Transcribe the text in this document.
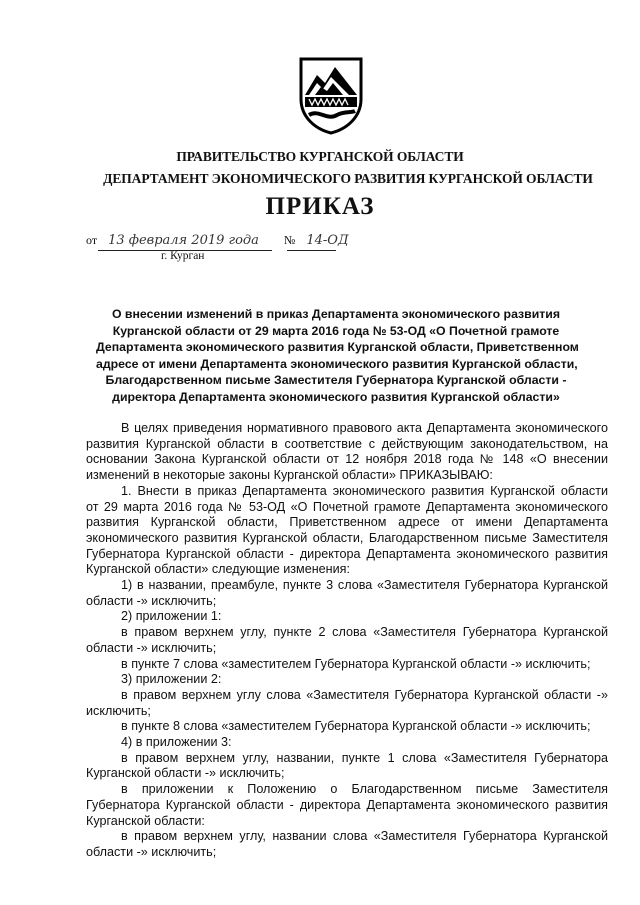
ПРАВИТЕЛЬСТВО КУРГАНСКОЙ ОБЛАСТИ
ДЕПАРТАМЕНТ ЭКОНОМИЧЕСКОГО РАЗВИТИЯ КУРГАНСКОЙ ОБЛАСТИ
ПРИКАЗ
от 13 февраля 2019 года № 14-ОД
г. Курган
О внесении изменений в приказ Департамента экономического развития
Курганской области от 29 марта 2016 года № 53-ОД «О Почетной грамоте
Департамента экономического развития Курганской области, Приветственном
адресе от имени Департамента экономического развития Курганской области,
Благодарственном письме Заместителя Губернатора Курганской области -
директора Департамента экономического развития Курганской области»
В целях приведения нормативного правового акта Департамента экономического
развития Курганской области в соответствие с действующим законодательством, на
основании Закона Курганской области от 12 ноября 2018 года № 148 «О внесении
изменений в некоторые законы Курганской области» ПРИКАЗЫВАЮ:
1. Внести в приказ Департамента экономического развития Курганской области
от 29 марта 2016 года № 53-ОД «О Почетной грамоте Департамента экономического
развития Курганской области, Приветственном адресе от имени Департамента
экономического развития Курганской области, Благодарственном письме Заместителя
Губернатора Курганской области - директора Департамента экономического развития
Курганской области» следующие изменения:
1) в названии, преамбуле, пункте 3 слова «Заместителя Губернатора Курганской
области -» исключить;
2) приложении 1:
в правом верхнем углу, пункте 2 слова «Заместителя Губернатора Курганской
области -» исключить;
в пункте 7 слова «заместителем Губернатора Курганской области -» исключить;
3) приложении 2:
в правом верхнем углу слова «Заместителя Губернатора Курганской области -»
исключить;
в пункте 8 слова «заместителем Губернатора Курганской области -» исключить;
4) в приложении 3:
в правом верхнем углу, названии, пункте 1 слова «Заместителя Губернатора
Курганской области -» исключить;
в приложении к Положению о Благодарственном письме Заместителя
Губернатора Курганской области - директора Департамента экономического развития
Курганской области:
в правом верхнем углу, названии слова «Заместителя Губернатора Курганской
области -» исключить;
